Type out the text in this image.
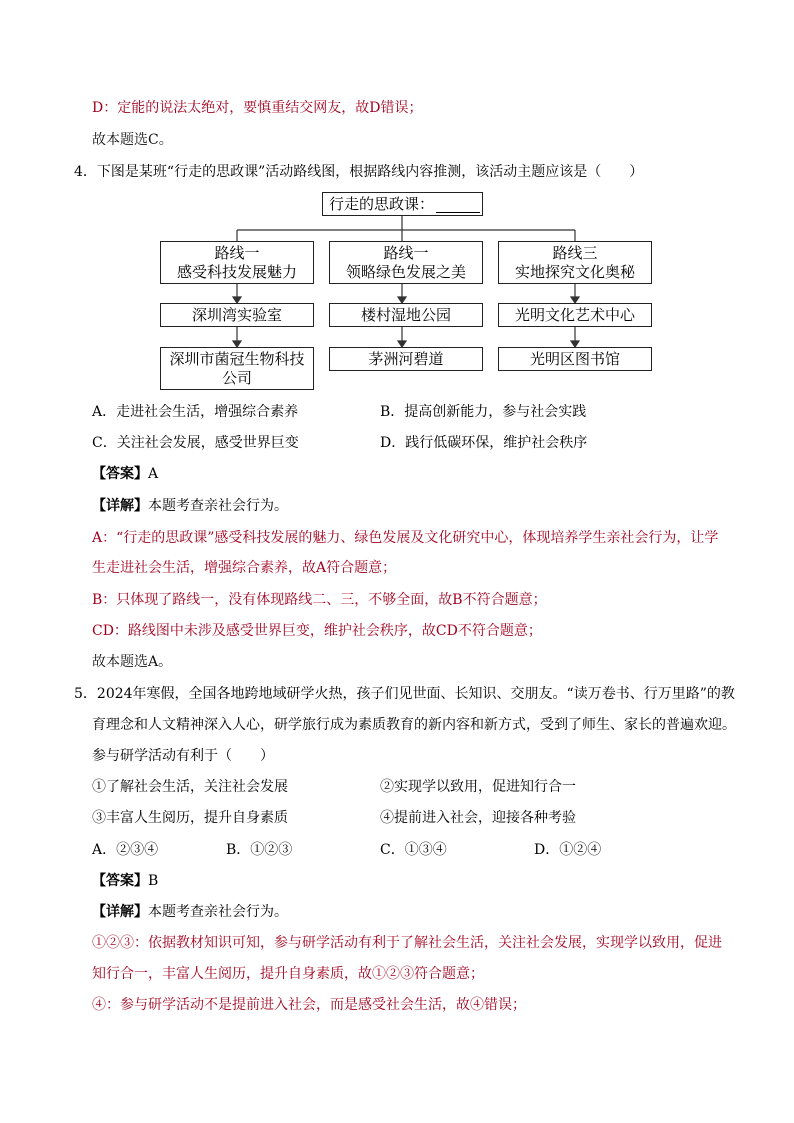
D：定能的说法太绝对，要慎重结交网友，故D错误；
故本题选C。
4．下图是某班“行走的思政课”活动路线图，根据路线内容推测，该活动主题应该是（　　）
行走的思政课：
路线一
感受科技发展魅力
路线一
领略绿色发展之美
路线三
实地探究文化奥秘
深圳湾实验室	楼村湿地公园	光明文化艺术中心
深圳市菌冠生物科技公司
茅洲河碧道	光明区图书馆
A．走进社会生活，增强综合素养	B．提高创新能力，参与社会实践
C．关注社会发展，感受世界巨变	D．践行低碳环保，维护社会秩序
【答案】A
【详解】本题考查亲社会行为。
A：“行走的思政课”感受科技发展的魅力、绿色发展及文化研究中心，体现培养学生亲社会行为，让学
生走进社会生活，增强综合素养，故A符合题意；
B：只体现了路线一，没有体现路线二、三，不够全面，故B不符合题意；
CD：路线图中未涉及感受世界巨变，维护社会秩序，故CD不符合题意；
故本题选A。
5．2024年寒假，全国各地跨地域研学火热，孩子们见世面、长知识、交朋友。“读万卷书、行万里路”的教
育理念和人文精神深入人心，研学旅行成为素质教育的新内容和新方式，受到了师生、家长的普遍欢迎。
参与研学活动有利于（　　）
①了解社会生活，关注社会发展	②实现学以致用，促进知行合一
③丰富人生阅历，提升自身素质	④提前进入社会，迎接各种考验
A．②③④	B．①②③	C．①③④	D．①②④
【答案】B
【详解】本题考查亲社会行为。
①②③：依据教材知识可知，参与研学活动有利于了解社会生活，关注社会发展，实现学以致用，促进
知行合一，丰富人生阅历，提升自身素质，故①②③符合题意；
④：参与研学活动不是提前进入社会，而是感受社会生活，故④错误；
